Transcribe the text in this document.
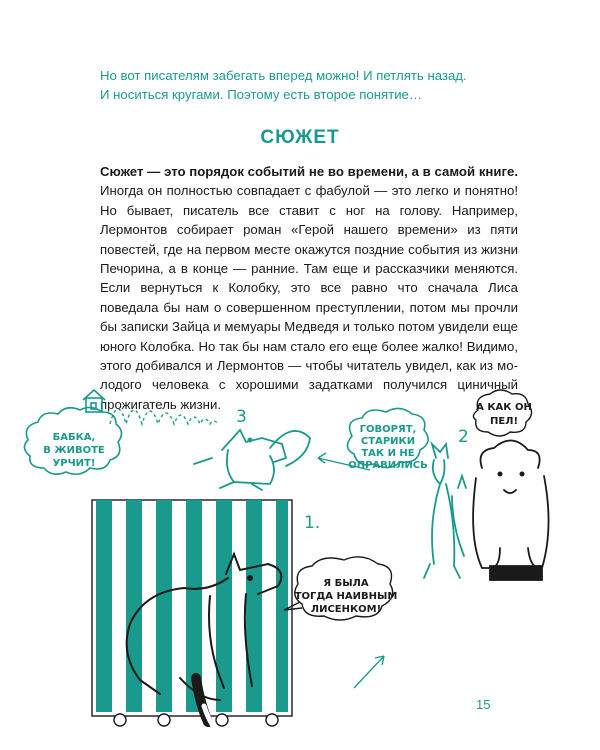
Но вот писателям забегать вперед можно! И петлять назад.

И носиться кругами. Поэтому есть второе понятие…

СЮЖЕТ
Сюжет — это порядок событий не во времени, а в самой книге. Иногда он полностью совпадает с фабулой — это легко и понятно! Но бывает, писатель все ставит с ног на голову. Например, Лермонтов собирает роман «Герой нашего времени» из пяти повестей, где на первом месте окажутся поздние события из жизни Печорина, а в конце — ранние. Там еще и рассказчики меняются. Если вернуться к Колобку, это все равно что сначала Лиса поведала бы нам о совершенном преступлении, потом мы прочли бы записки Зайца и мемуары Медведя и только потом увидели еще юного Колобка. Но так бы нам стало его еще более жалко! Видимо, этого добивался и Лермонтов — чтобы читатель увидел, как из молодого человека с хорошими задатками получился циничный прожигатель жизни.
БАБКА,
В ЖИВОТЕ
УРЧИТ!
3
ГОВОРЯТ,
СТАРИКИ
ТАК И НЕ
ОПРАВИЛИСЬ
2
А КАК ОН
ПЕЛ!
1.
Я БЫЛА
ТОГДА НАИВНЫМ
ЛИСЕНКОМ!
15
